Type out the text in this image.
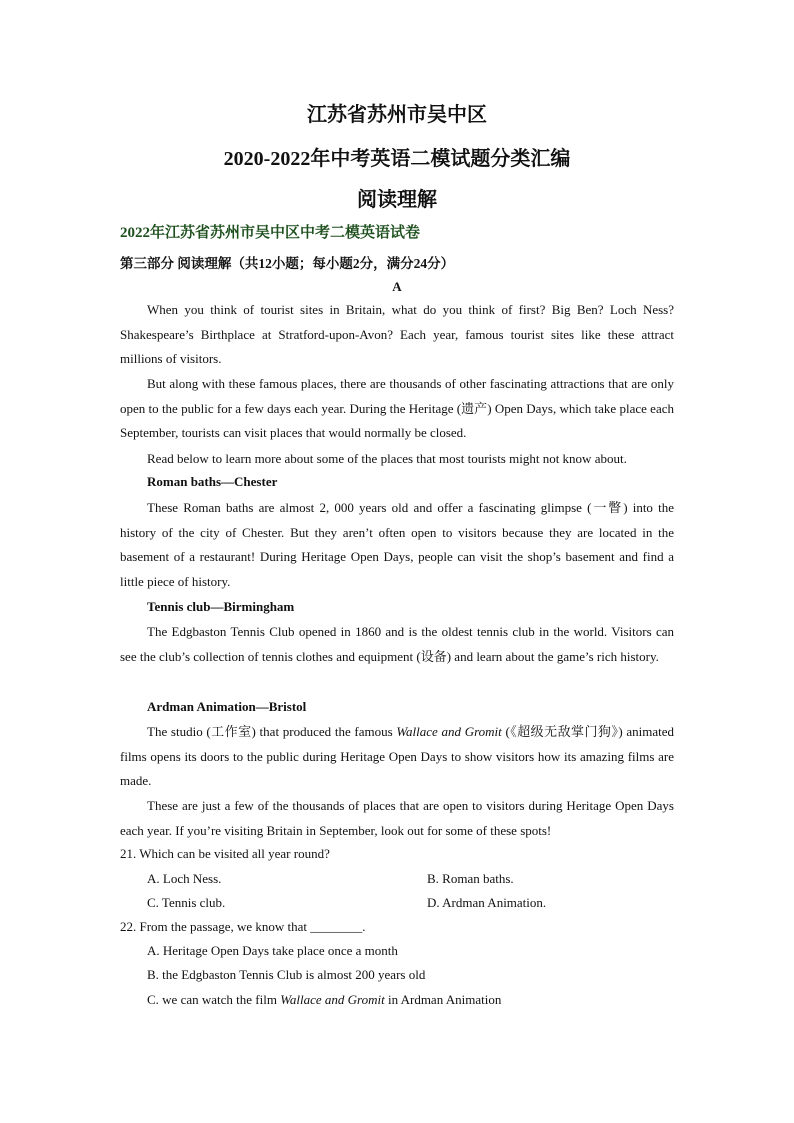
江苏省苏州市吴中区
2020-2022年中考英语二模试题分类汇编
阅读理解
2022年江苏省苏州市吴中区中考二模英语试卷
第三部分 阅读理解（共12小题；每小题2分，满分24分）
A

When you think of tourist sites in Britain, what do you think of first? Big Ben? Loch Ness? Shakespeare’s Birthplace at Stratford-upon-Avon? Each year, famous tourist sites like these attract millions of visitors.

But along with these famous places, there are thousands of other fascinating attractions that are only open to the public for a few days each year. During the Heritage (遗产) Open Days, which take place each September, tourists can visit places that would normally be closed.

Read below to learn more about some of the places that most tourists might not know about.

Roman baths—Chester

These Roman baths are almost 2, 000 years old and offer a fascinating glimpse (一瞥) into the history of the city of Chester. But they aren’t often open to visitors because they are located in the basement of a restaurant! During Heritage Open Days, people can visit the shop’s basement and find a little piece of history.

Tennis club—Birmingham

The Edgbaston Tennis Club opened in 1860 and is the oldest tennis club in the world. Visitors can see the club’s collection of tennis clothes and equipment (设备) and learn about the game’s rich history.

Ardman Animation—Bristol

The studio (工作室) that produced the famous Wallace and Gromit (《超级无敌掌门狗》) animated films opens its doors to the public during Heritage Open Days to show visitors how its amazing films are made.

These are just a few of the thousands of places that are open to visitors during Heritage Open Days each year. If you’re visiting Britain in September, look out for some of these spots!

21. Which can be visited all year round?
A. Loch Ness.	B. Roman baths.
C. Tennis club.	D. Ardman Animation.
22. From the passage, we know that ________.
A. Heritage Open Days take place once a month
B. the Edgbaston Tennis Club is almost 200 years old
C. we can watch the film Wallace and Gromit in Ardman Animation
